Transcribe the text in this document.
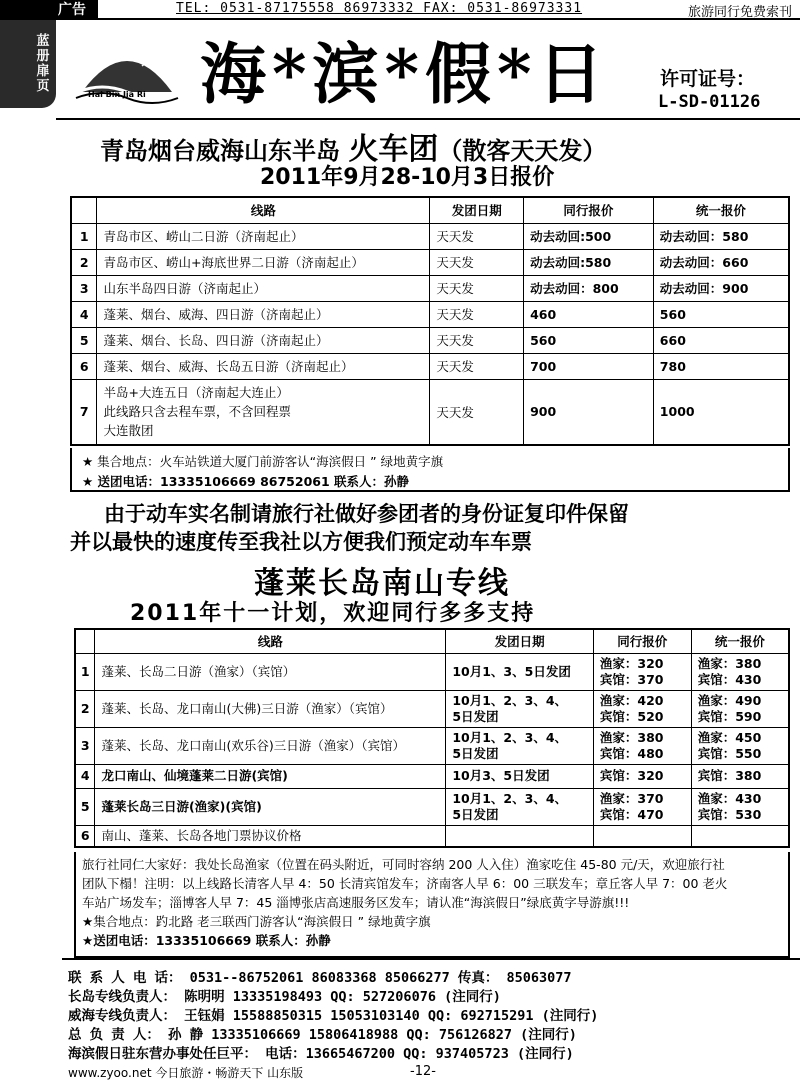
广告	TEL: 0531-87175558 86973332 FAX: 0531-86973331	旅游同行免费索刊
蓝册扉页
Hai Bin Jia Ri 海*滨*假*日	许可证号：
L-SD-01126
青岛烟台威海山东半岛 火车团（散客天天发）
2011年9月28-10月3日报价
	线路	发团日期	同行报价	统一报价
1	青岛市区、崂山二日游（济南起止）	天天发	动去动回:500	动去动回：580
2	青岛市区、崂山+海底世界二日游（济南起止）	天天发	动去动回:580	动去动回：660
3	山东半岛四日游（济南起止）	天天发	动去动回：800	动去动回：900
4	蓬莱、烟台、威海、四日游（济南起止）	天天发	460	560
5	蓬莱、烟台、长岛、四日游（济南起止）	天天发	560	660
6	蓬莱、烟台、威海、长岛五日游（济南起止）	天天发	700	780
7	半岛+大连五日（济南起大连止）
此线路只含去程车票，不含回程票
大连散团	天天发	900	1000
★ 集合地点：火车站铁道大厦门前游客认“海滨假日 ” 绿地黄字旗
★ 送团电话：13335106669 86752061 联系人：孙静
由于动车实名制请旅行社做好参团者的身份证复印件保留
并以最快的速度传至我社以方便我们预定动车车票
蓬莱长岛南山专线
2011年十一计划，欢迎同行多多支持
	线路	发团日期	同行报价	统一报价
1	蓬莱、长岛二日游（渔家）（宾馆）	10月1、3、5日发团	渔家：320
宾馆：370	渔家：380
宾馆：430
2	蓬莱、长岛、龙口南山(大佛)三日游（渔家）（宾馆）	10月1、2、3、4、
5日发团	渔家：420
宾馆：520	渔家：490
宾馆：590
3	蓬莱、长岛、龙口南山(欢乐谷)三日游（渔家）（宾馆）	10月1、2、3、4、
5日发团	渔家：380
宾馆：480	渔家：450
宾馆：550
4	龙口南山、仙境蓬莱二日游(宾馆)	10月3、5日发团	宾馆：320	宾馆：380
5	蓬莱长岛三日游(渔家)(宾馆)	10月1、2、3、4、
5日发团	渔家：370
宾馆：470	渔家：430
宾馆：530
6	南山、蓬莱、长岛各地门票协议价格			
旅行社同仁大家好：我处长岛渔家（位置在码头附近，可同时容纳 200 人入住）渔家吃住 45-80 元/天，欢迎旅行社
团队下榻！注明：以上线路长清客人早 4：50 长清宾馆发车；济南客人早 6：00 三联发车；章丘客人早 7：00 老火
车站广场发车；淄博客人早 7：45 淄博张店高速服务区发车；请认准“海滨假日”绿底黄字导游旗!!!
★集合地点：趵北路 老三联西门游客认“海滨假日 ” 绿地黄字旗
★送团电话：13335106669 联系人：孙静
联 系 人 电 话： 0531--86752061 86083368 85066277 传真： 85063077
长岛专线负责人： 陈明明 13335198493 QQ: 527206076 (注同行)
威海专线负责人： 王钰娟 15588850315 15053103140 QQ: 692715291 (注同行)
总 负 责 人： 孙 静 13335106669 15806418988 QQ: 756126827 (注同行)
海滨假日驻东营办事处任巨平： 电话：13665467200 QQ: 937405723 (注同行)
www.zyoo.net 今日旅游・畅游天下 山东版	-12-
